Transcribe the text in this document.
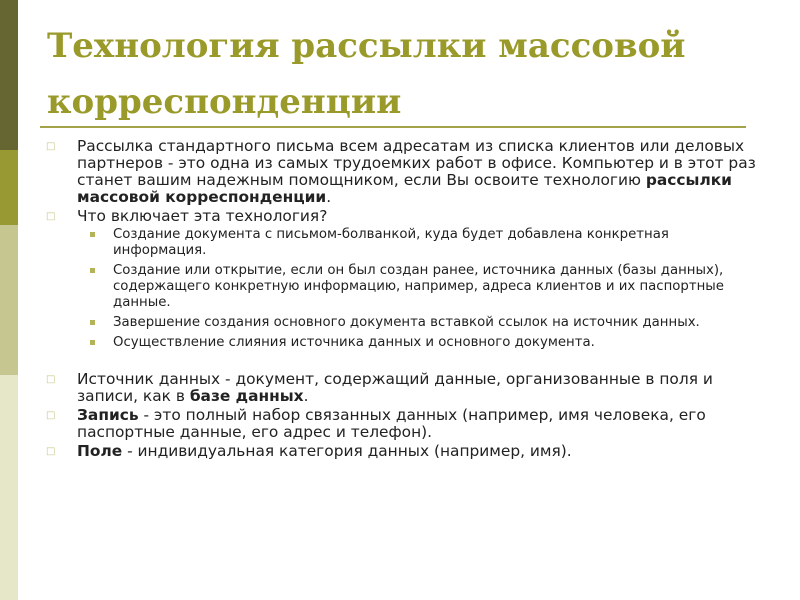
Технология рассылки массовой корреспонденции
□ Рассылка стандартного письма всем адресатам из списка клиентов или деловых партнеров - это одна из самых трудоемких работ в офисе. Компьютер и в этот раз станет вашим надежным помощником, если Вы освоите технологию рассылки массовой корреспонденции.
□ Что включает эта технология?
Создание документа с письмом-болванкой, куда будет добавлена конкретная информация.
Создание или открытие, если он был создан ранее, источника данных (базы данных), содержащего конкретную информацию, например, адреса клиентов и их паспортные данные.
Завершение создания основного документа вставкой ссылок на источник данных.
Осуществление слияния источника данных и основного документа.
□ Источник данных - документ, содержащий данные, организованные в поля и записи, как в базе данных.
□ Запись - это полный набор связанных данных (например, имя человека, его паспортные данные, его адрес и телефон).
□ Поле - индивидуальная категория данных (например, имя).
